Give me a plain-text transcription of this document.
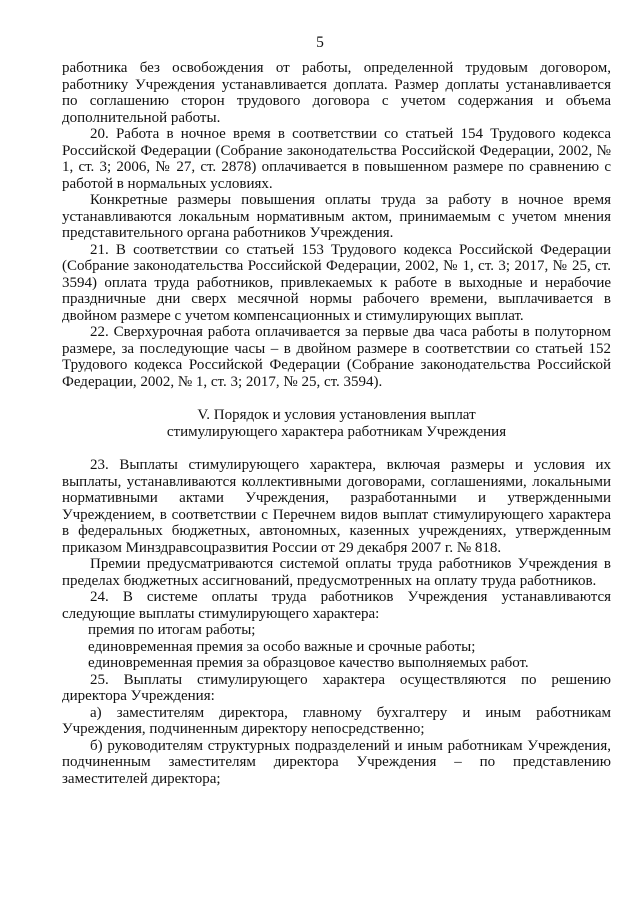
5

работника без освобождения от работы, определенной трудовым договором, работнику Учреждения устанавливается доплата. Размер доплаты устанавливается по соглашению сторон трудового договора с учетом содержания и объема дополнительной работы.

20. Работа в ночное время в соответствии со статьей 154 Трудового кодекса Российской Федерации (Собрание законодательства Российской Федерации, 2002, № 1, ст. 3; 2006, № 27, ст. 2878) оплачивается в повышенном размере по сравнению с работой в нормальных условиях.

Конкретные размеры повышения оплаты труда за работу в ночное время устанавливаются локальным нормативным актом, принимаемым с учетом мнения представительного органа работников Учреждения.

21. В соответствии со статьей 153 Трудового кодекса Российской Федерации (Собрание законодательства Российской Федерации, 2002, № 1, ст. 3; 2017, № 25, ст. 3594) оплата труда работников, привлекаемых к работе в выходные и нерабочие праздничные дни сверх месячной нормы рабочего времени, выплачивается в двойном размере с учетом компенсационных и стимулирующих выплат.

22. Сверхурочная работа оплачивается за первые два часа работы в полуторном размере, за последующие часы – в двойном размере в соответствии со статьей 152 Трудового кодекса Российской Федерации (Собрание законодательства Российской Федерации, 2002, № 1, ст. 3; 2017, № 25, ст. 3594).

V. Порядок и условия установления выплат
стимулирующего характера работникам Учреждения

23. Выплаты стимулирующего характера, включая размеры и условия их выплаты, устанавливаются коллективными договорами, соглашениями, локальными нормативными актами Учреждения, разработанными и утвержденными Учреждением, в соответствии с Перечнем видов выплат стимулирующего характера в федеральных бюджетных, автономных, казенных учреждениях, утвержденным приказом Минздравсоцразвития России от 29 декабря 2007 г. № 818.

Премии предусматриваются системой оплаты труда работников Учреждения в пределах бюджетных ассигнований, предусмотренных на оплату труда работников.

24. В системе оплаты труда работников Учреждения устанавливаются следующие выплаты стимулирующего характера:

премия по итогам работы;

единовременная премия за особо важные и срочные работы;

единовременная премия за образцовое качество выполняемых работ.

25. Выплаты стимулирующего характера осуществляются по решению директора Учреждения:

а) заместителям директора, главному бухгалтеру и иным работникам Учреждения, подчиненным директору непосредственно;

б) руководителям структурных подразделений и иным работникам Учреждения, подчиненным заместителям директора Учреждения – по представлению заместителей директора;
